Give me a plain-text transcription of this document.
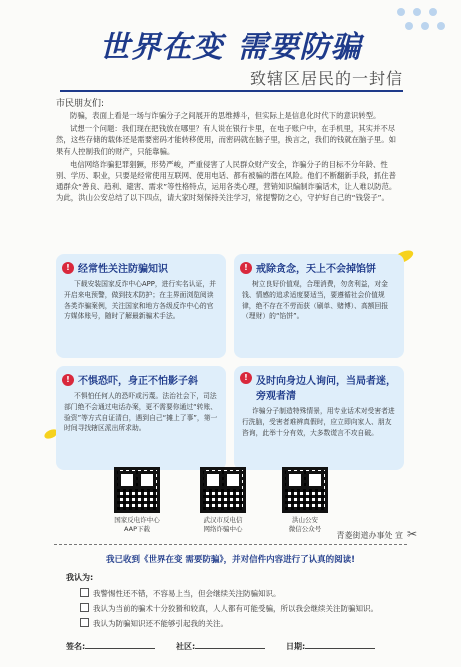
世界在变 需要防骗
致辖区居民的一封信
市民朋友们:

防骗，表面上看是一场与诈骗分子之间展开的思维搏斗，但实际上是信息化时代下的意识转型。

试想一个问题：我们现在把钱放在哪里？有人说在银行卡里，在电子账户中，在手机里，其实并不尽然，这些存储的载体还是需要密码才能转移使用，而密码就在脑子里，换言之，我们的钱就在脑子里。如果有人控制我们的财产，只能靠骗。

电信网络诈骗犯罪猖獗，形势严峻，严重侵害了人民群众财产安全，诈骗分子的目标不分年龄、性别、学历、职业，只要是经常使用互联网、使用电话、都有被骗的潜在风险。他们不断翻新手段，抓住普通群众“善良、趋利、避害、需求”等性格特点，运用各类心理，营销知识编制诈骗话术，让人难以防范。为此，洪山公安总结了以下四点，请大家时刻保持关注学习，常提警防之心，守护好自己的“钱袋子”。

! 经常性关注防骗知识
下载安装国家反诈中心APP，进行实名认证，并开启来电预警，做到技术防护；在主界面浏览阅读各类诈骗案例，关注国家和地方各级反诈中心的官方媒体账号，随时了解最新骗术手法。
! 戒除贪念，天上不会掉馅饼
树立良好价值观，合理消费，勿贪利益，对金钱、情感的追求适度要适当，要遵循社会价值规律，绝不存在不劳而获（刷单、赌博）、高额回报（理财）的“馅饼”。
! 不惧恐吓，身正不怕影子斜
不惧怕任何人的恐吓或污蔑。法治社会下，司法部门绝不会通过电话办案，更不需要你通过“转账、验资”等方式自证清白，遇到自己“摊上了事”，第一时间寻找辖区派出所求助。
! 及时向身边人询问，当局者迷，旁观者清
诈骗分子制造特殊情景，用专业话术对受害者进行洗脑，受害者难辨真假时，应立即向家人、朋友咨询，此举十分有效，大多数谎言不攻自破。
国家反电诈中心
AAP下载
武汉市反电信
网络诈骗中心
洪山公安
微信公众号
青菱街道办事处 宣 ✂
我已收到《世界在变 需要防骗》，并对信件内容进行了认真的阅读!
我认为:
我警惕性还不错，不容易上当，但会继续关注防骗知识。
我认为当前的骗术十分狡猾和较真，人人都有可能受骗，所以我会继续关注防骗知识。
我认为防骗知识还不能够引起我的关注。
签名:	社区:	日期:
